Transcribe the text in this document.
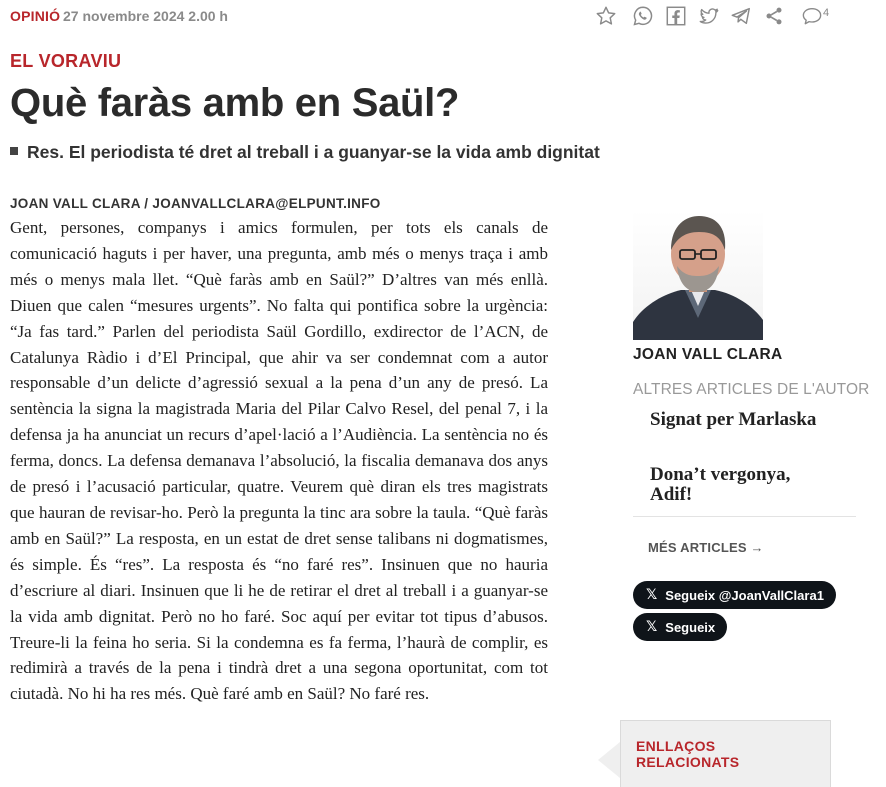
OPINIÓ 27 novembre 2024 2.00 h	4
EL VORAVIU
Què faràs amb en Saül?
Res. El periodista té dret al treball i a guanyar-se la vida amb dignitat
JOAN VALL CLARA / JOANVALLCLARA@ELPUNT.INFO

Gent, persones, companys i amics formulen, per tots els canals de comunicació haguts i per haver, una pregunta, amb més o menys traça i amb més o menys mala llet. “Què faràs amb en Saül?” D’altres van més enllà. Diuen que calen “mesures urgents”. No falta qui pontifica sobre la urgència: “Ja fas tard.” Parlen del periodista Saül Gordillo, exdirector de l’ACN, de Catalunya Ràdio i d’El Principal, que ahir va ser condemnat com a autor responsable d’un delicte d’agressió sexual a la pena d’un any de presó. La sentència la signa la magistrada Maria del Pilar Calvo Resel, del penal 7, i la defensa ja ha anunciat un recurs d’apel·lació a l’Audiència. La sentència no és ferma, doncs. La defensa demanava l’absolució, la fiscalia demanava dos anys de presó i l’acusació particular, quatre. Veurem què diran els tres magistrats que hauran de revisar-ho. Però la pregunta la tinc ara sobre la taula. “Què faràs amb en Saül?” La resposta, en un estat de dret sense talibans ni dogmatismes, és simple. És “res”. La resposta és “no faré res”. Insinuen que no hauria d’escriure al diari. Insinuen que li he de retirar el dret al treball i a guanyar-se la vida amb dignitat. Però no ho faré. Soc aquí per evitar tot tipus d’abusos. Treure-li la feina ho seria. Si la condemna es fa ferma, l’haurà de complir, es redimirà a través de la pena i tindrà dret a una segona oportunitat, com tot ciutadà. No hi ha res més. Què faré amb en Saül? No faré res.

JOAN VALL CLARA
ALTRES ARTICLES DE L'AUTOR
Signat per Marlaska
Dona’t vergonya, Adif!
MÉS ARTICLES →
𝕏 Segueix @JoanVallClara1
𝕏 Segueix
ENLLAÇOS RELACIONATS
